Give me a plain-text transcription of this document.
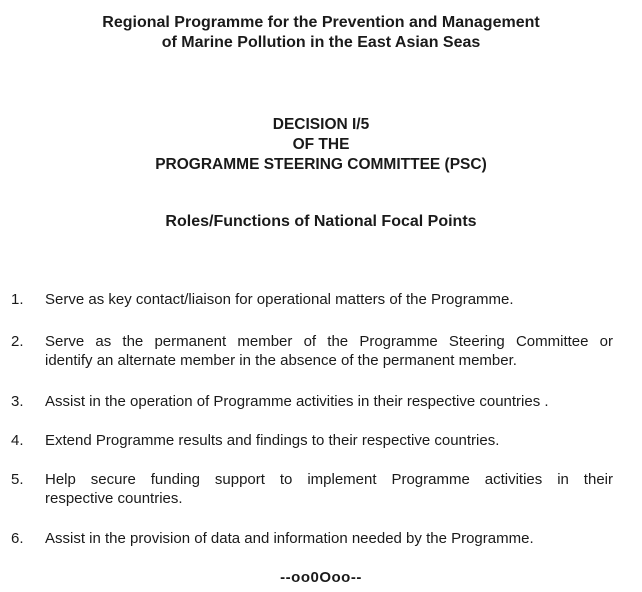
Regional Programme for the Prevention and Management
of Marine Pollution in the East Asian Seas
DECISION I/5
OF THE
PROGRAMME STEERING COMMITTEE (PSC)
Roles/Functions of National Focal Points
1. Serve as key contact/liaison for operational matters of the Programme.
2. Serve as the permanent member of the Programme Steering Committee or
identify an alternate member in the absence of the permanent member.
3. Assist in the operation of Programme activities in their respective countries .
4. Extend Programme results and findings to their respective countries.
5. Help secure funding support to implement Programme activities in their
respective countries.
6. Assist in the provision of data and information needed by the Programme.
--oo0Ooo--
